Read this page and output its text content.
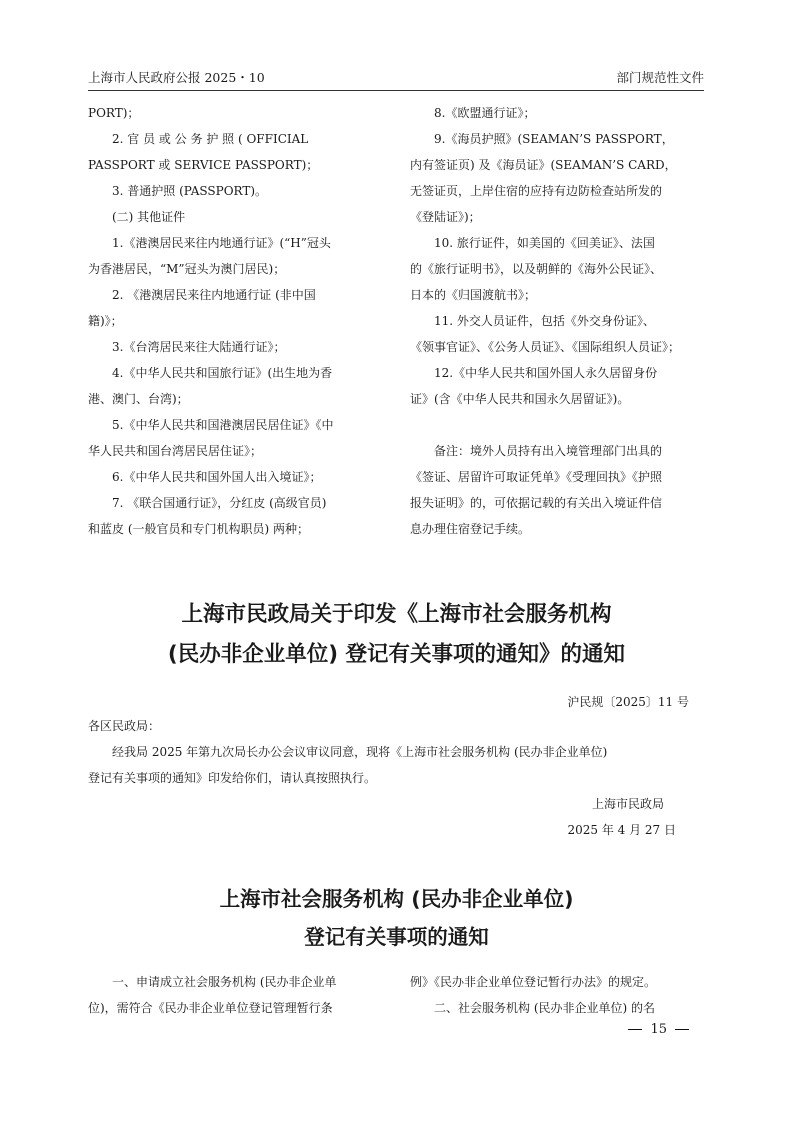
上海市人民政府公报 2025・10	部门规范性文件

PORT)；

2. 官 员 或 公 务 护 照 ( OFFICIAL

PASSPORT 或 SERVICE PASSPORT)；

3. 普通护照 (PASSPORT)。

(二) 其他证件

1.《港澳居民来往内地通行证》(“H”冠头

为香港居民，“M”冠头为澳门居民)；

2. 《港澳居民来往内地通行证 (非中国

籍)》；

3.《台湾居民来往大陆通行证》；

4.《中华人民共和国旅行证》(出生地为香

港、澳门、台湾)；

5.《中华人民共和国港澳居民居住证》《中

华人民共和国台湾居民居住证》；

6.《中华人民共和国外国人出入境证》；

7. 《联合国通行证》，分红皮 (高级官员)

和蓝皮 (一般官员和专门机构职员) 两种；

8.《欧盟通行证》；

9.《海员护照》(SEAMAN’S PASSPORT，

内有签证页) 及《海员证》(SEAMAN’S CARD，

无签证页，上岸住宿的应持有边防检查站所发的

《登陆证》)；

10. 旅行证件，如美国的《回美证》、法国

的《旅行证明书》，以及朝鲜的《海外公民证》、

日本的《归国渡航书》；

11. 外交人员证件，包括《外交身份证》、

《领事官证》、《公务人员证》、《国际组织人员证》；

12.《中华人民共和国外国人永久居留身份

证》(含《中华人民共和国永久居留证》)。

备注：境外人员持有出入境管理部门出具的

《签证、居留许可取证凭单》《受理回执》《护照

报失证明》的，可依据记载的有关出入境证件信

息办理住宿登记手续。

上海市民政局关于印发《上海市社会服务机构
(民办非企业单位) 登记有关事项的通知》的通知
沪民规〔2025〕11 号
各区民政局：
经我局 2025 年第九次局长办公会议审议同意，现将《上海市社会服务机构 (民办非企业单位)
登记有关事项的通知》印发给你们，请认真按照执行。
上海市民政局
2025 年 4 月 27 日
上海市社会服务机构 (民办非企业单位)
登记有关事项的通知
一、申请成立社会服务机构 (民办非企业单
位)，需符合《民办非企业单位登记管理暂行条
例》《民办非企业单位登记暂行办法》的规定。
二、社会服务机构 (民办非企业单位) 的名
15
